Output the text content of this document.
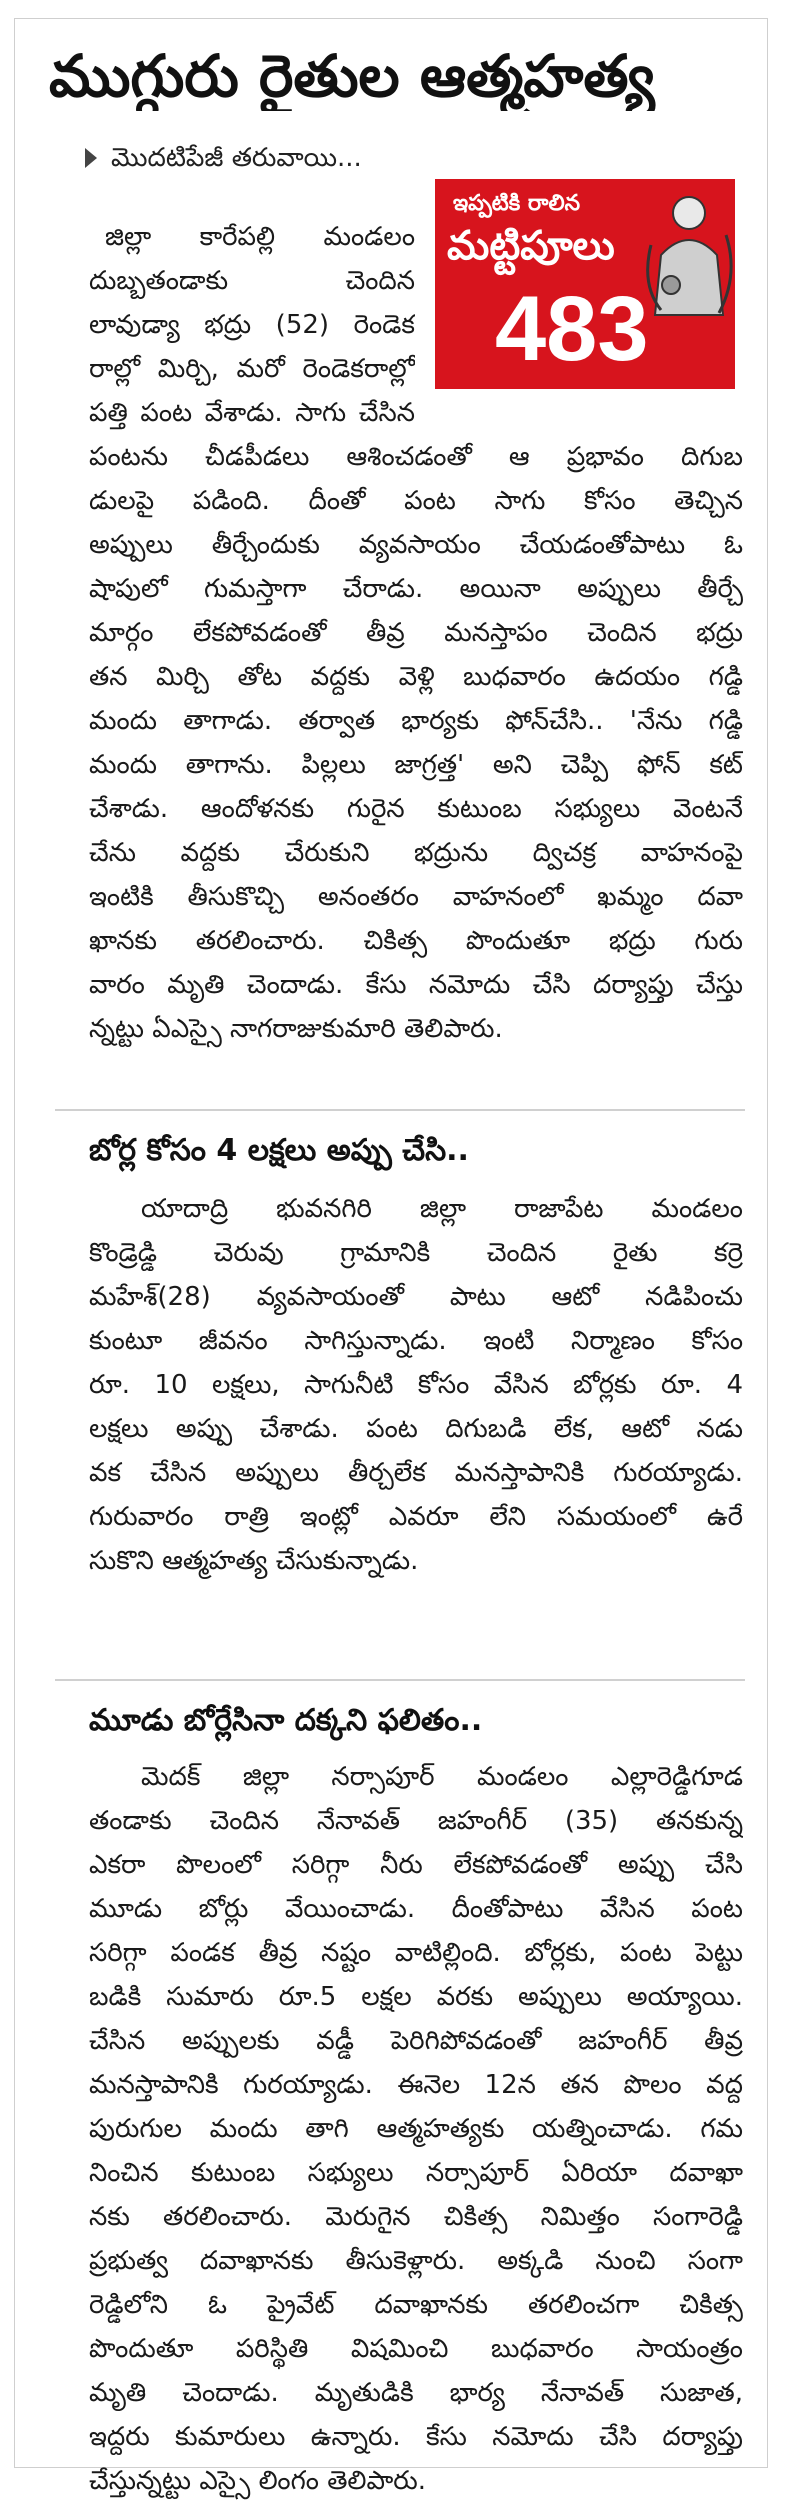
ముగ్గురు రైతుల ఆత్మహత్య
మొదటిపేజీ తరువాయి...
ఇప్పటికి రాలిన
మట్టిపూలు
483
జిల్లా కారేపల్లి మండలం
దుబ్బతండాకు చెందిన
లావుడ్యా భద్రు (52) రెండెక
రాల్లో మిర్చి, మరో రెండెకరాల్లో
పత్తి పంట వేశాడు. సాగు చేసిన
పంటను చీడపీడలు ఆశించడంతో ఆ ప్రభావం దిగుబ
డులపై పడింది. దీంతో పంట సాగు కోసం తెచ్చిన
అప్పులు తీర్చేందుకు వ్యవసాయం చేయడంతోపాటు ఓ
షాపులో గుమస్తాగా చేరాడు. అయినా అప్పులు తీర్చే
మార్గం లేకపోవడంతో తీవ్ర మనస్తాపం చెందిన భద్రు
తన మిర్చి తోట వద్దకు వెళ్లి బుధవారం ఉదయం గడ్డి
మందు తాగాడు. తర్వాత భార్యకు ఫోన్‌చేసి.. 'నేను గడ్డి
మందు తాగాను. పిల్లలు జాగ్రత్త' అని చెప్పి ఫోన్ కట్
చేశాడు. ఆందోళనకు గురైన కుటుంబ సభ్యులు వెంటనే
చేను వద్దకు చేరుకుని భద్రును ద్విచక్ర వాహనంపై
ఇంటికి తీసుకొచ్చి అనంతరం వాహనంలో ఖమ్మం దవా
ఖానకు తరలించారు. చికిత్స పొందుతూ భద్రు గురు
వారం మృతి చెందాడు. కేసు నమోదు చేసి దర్యాప్తు చేస్తు
న్నట్టు ఏఎస్సై నాగరాజుకుమారి తెలిపారు.
బోర్ల కోసం 4 లక్షలు అప్పు చేసి..
యాదాద్రి భువనగిరి జిల్లా రాజాపేట మండలం
కొండ్రెడ్డి చెరువు గ్రామానికి చెందిన రైతు కర్రె
మహేశ్(28) వ్యవసాయంతో పాటు ఆటో నడిపించు
కుంటూ జీవనం సాగిస్తున్నాడు. ఇంటి నిర్మాణం కోసం
రూ. 10 లక్షలు, సాగునీటి కోసం వేసిన బోర్లకు రూ. 4
లక్షలు అప్పు చేశాడు. పంట దిగుబడి లేక, ఆటో నడు
వక చేసిన అప్పులు తీర్చలేక మనస్తాపానికి గురయ్యాడు.
గురువారం రాత్రి ఇంట్లో ఎవరూ లేని సమయంలో ఉరే
సుకొని ఆత్మహత్య చేసుకున్నాడు.
మూడు బోర్లేసినా దక్కని ఫలితం..
మెదక్ జిల్లా నర్సాపూర్ మండలం ఎల్లారెడ్డిగూడ
తండాకు చెందిన నేనావత్ జహంగీర్ (35) తనకున్న
ఎకరా పొలంలో సరిగ్గా నీరు లేకపోవడంతో అప్పు చేసి
మూడు బోర్లు వేయించాడు. దీంతోపాటు వేసిన పంట
సరిగ్గా పండక తీవ్ర నష్టం వాటిల్లింది. బోర్లకు, పంట పెట్టు
బడికి సుమారు రూ.5 లక్షల వరకు అప్పులు అయ్యాయి.
చేసిన అప్పులకు వడ్డీ పెరిగిపోవడంతో జహంగీర్ తీవ్ర
మనస్తాపానికి గురయ్యాడు. ఈనెల 12న తన పొలం వద్ద
పురుగుల మందు తాగి ఆత్మహత్యకు యత్నించాడు. గమ
నించిన కుటుంబ సభ్యులు నర్సాపూర్ ఏరియా దవాఖా
నకు తరలించారు. మెరుగైన చికిత్స నిమిత్తం సంగారెడ్డి
ప్రభుత్వ దవాఖానకు తీసుకెళ్లారు. అక్కడి నుంచి సంగా
రెడ్డిలోని ఓ ప్రైవేట్ దవాఖానకు తరలించగా చికిత్స
పొందుతూ పరిస్థితి విషమించి బుధవారం సాయంత్రం
మృతి చెందాడు. మృతుడికి భార్య నేనావత్ సుజాత,
ఇద్దరు కుమారులు ఉన్నారు. కేసు నమోదు చేసి దర్యాప్తు
చేస్తున్నట్టు ఎస్సై లింగం తెలిపారు.
